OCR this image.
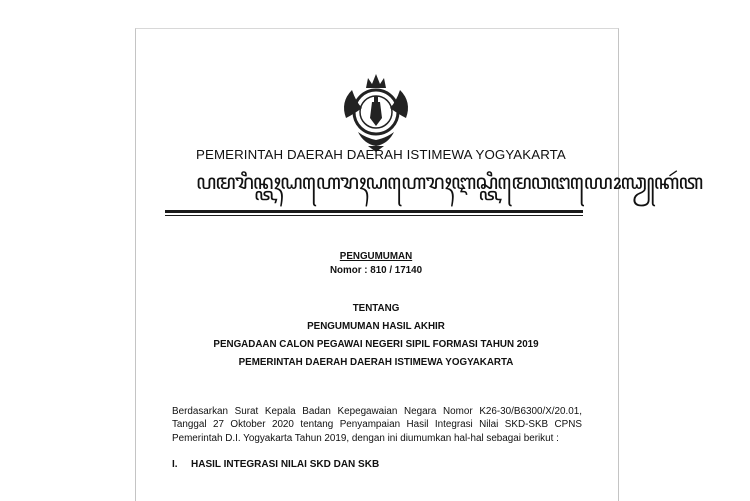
PEMERINTAH DAERAH DAERAH ISTIMEWA YOGYAKARTA
ꦥꦩꦫꦶꦤ꧀ꦠꦃꦝꦲꦺꦫꦃꦝꦲꦺꦫꦃꦆꦱ꧀ꦠꦶꦩꦺꦮꦔꦪꦺꦴꦓꦾꦏꦂꦠ
PENGUMUMAN
Nomor : 810 / 17140
TENTANG
PENGUMUMAN HASIL AKHIR
PENGADAAN CALON PEGAWAI NEGERI SIPIL FORMASI TAHUN 2019
PEMERINTAH DAERAH DAERAH ISTIMEWA YOGYAKARTA
Berdasarkan Surat Kepala Badan Kepegawaian Negara Nomor K26-30/B6300/X/20.01, Tanggal 27 Oktober 2020 tentang Penyampaian Hasil Integrasi Nilai SKD-SKB CPNS Pemerintah D.I. Yogyakarta Tahun 2019, dengan ini diumumkan hal-hal sebagai berikut :
I. HASIL INTEGRASI NILAI SKD DAN SKB
